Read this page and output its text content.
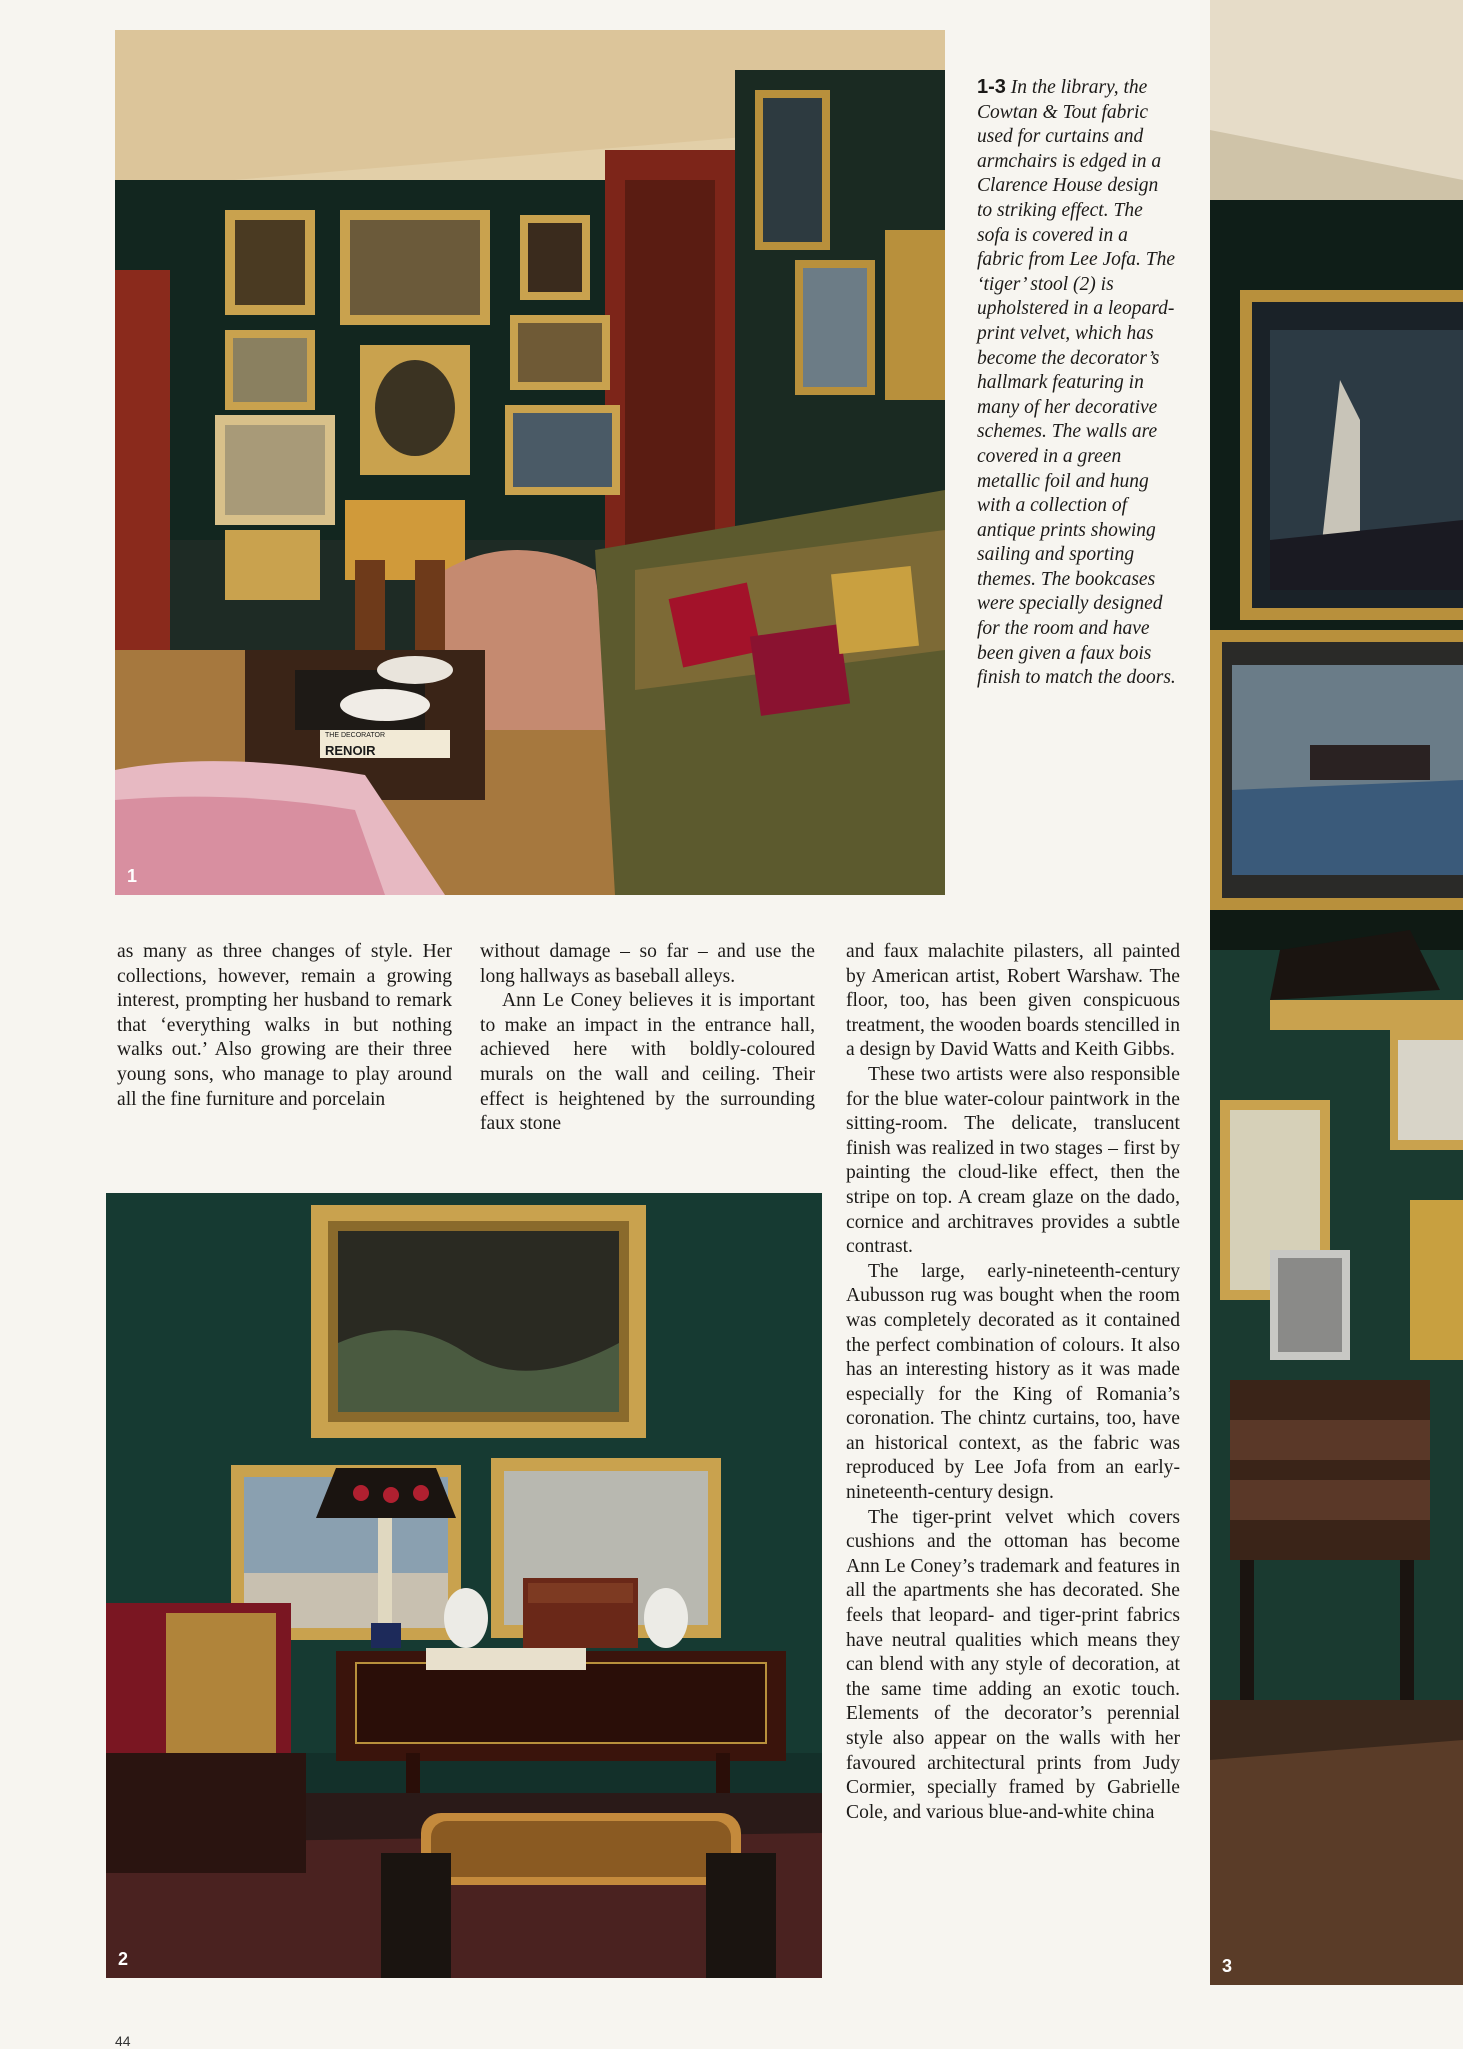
RENOIR
THE DECORATOR
1
1-3 In the library, the Cowtan & Tout fabric used for curtains and armchairs is edged in a Clarence House design to striking effect. The sofa is covered in a fabric from Lee Jofa. The ‘tiger’ stool (2) is upholstered in a leopard-print velvet, which has become the decorator’s hallmark featuring in many of her decorative schemes. The walls are covered in a green metallic foil and hung with a collection of antique prints showing sailing and sporting themes. The bookcases were specially designed for the room and have been given a faux bois finish to match the doors.

as many as three changes of style. Her collections, however, remain a growing interest, prompting her husband to remark that ‘everything walks in but nothing walks out.’ Also growing are their three young sons, who manage to play around all the fine furniture and porcelain

without damage – so far – and use the long hallways as baseball alleys.

Ann Le Coney believes it is important to make an impact in the entrance hall, achieved here with boldly-coloured murals on the wall and ceiling. Their effect is heightened by the surrounding faux stone

and faux malachite pilasters, all painted by American artist, Robert Warshaw. The floor, too, has been given conspicuous treatment, the wooden boards stencilled in a design by David Watts and Keith Gibbs.

These two artists were also responsible for the blue water-colour paintwork in the sitting-room. The delicate, translucent finish was realized in two stages – first by painting the cloud-like effect, then the stripe on top. A cream glaze on the dado, cornice and architraves provides a subtle contrast.

The large, early-nineteenth-century Aubusson rug was bought when the room was completely decorated as it contained the perfect combination of colours. It also has an interesting history as it was made especially for the King of Romania’s coronation. The chintz curtains, too, have an historical context, as the fabric was reproduced by Lee Jofa from an early-nineteenth-century design.

The tiger-print velvet which covers cushions and the ottoman has become Ann Le Coney’s trademark and features in all the apartments she has decorated. She feels that leopard- and tiger-print fabrics have neutral qualities which means they can blend with any style of decoration, at the same time adding an exotic touch. Elements of the decorator’s perennial style also appear on the walls with her favoured architectural prints from Judy Cormier, specially framed by Gabrielle Cole, and various blue-and-white china

2	3
44
